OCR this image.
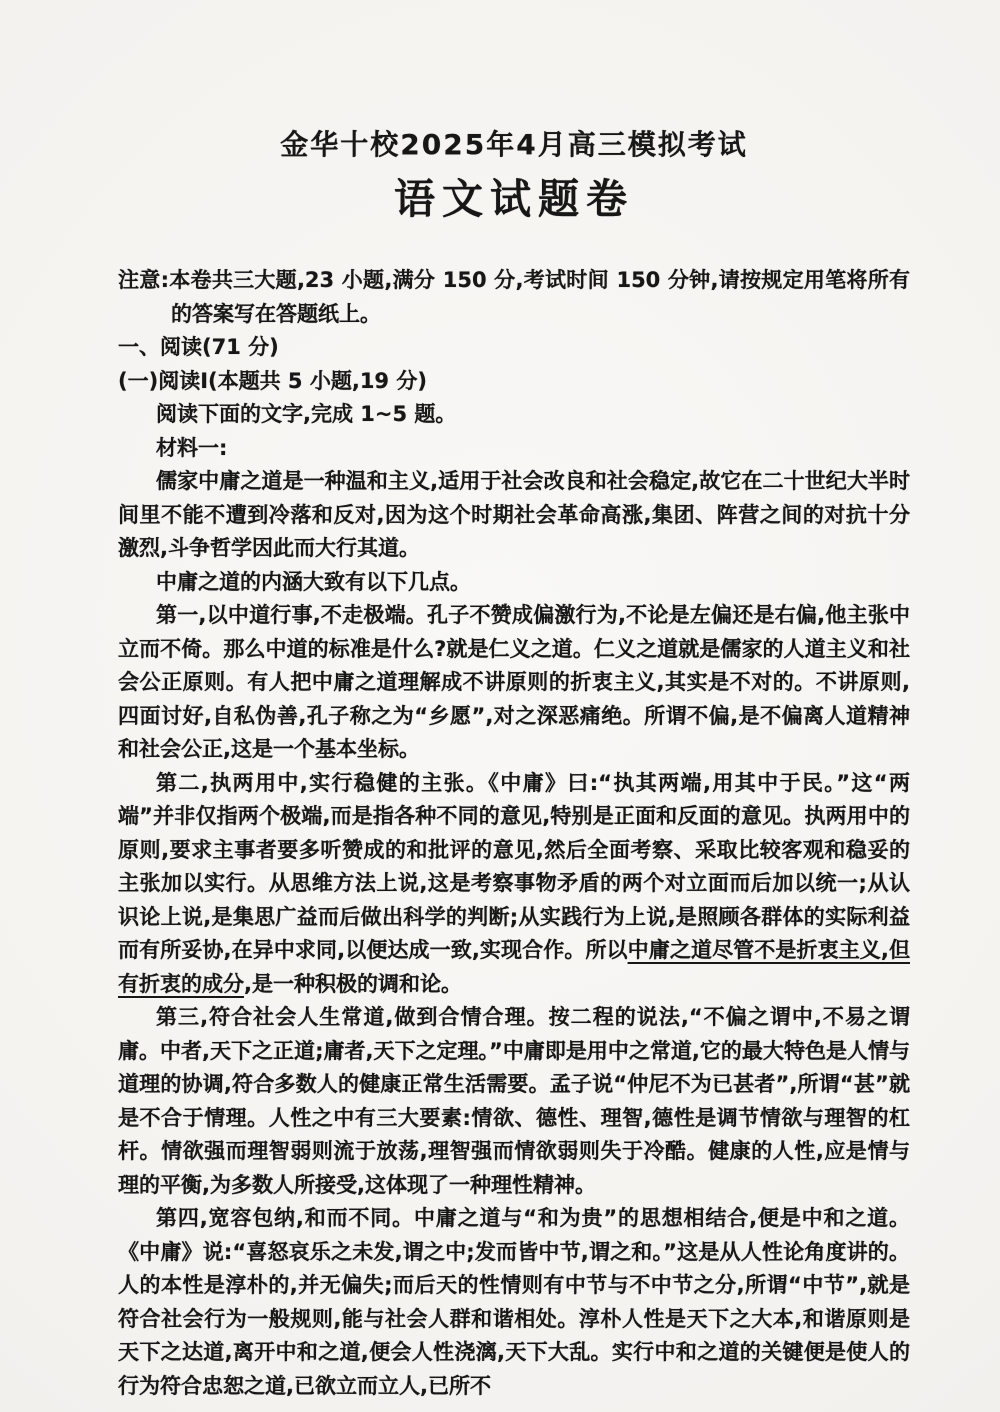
金华十校2025年4月高三模拟考试
语文试题卷
注意:本卷共三大题,23 小题,满分 150 分,考试时间 150 分钟,请按规定用笔将所有的答案写在答题纸上。
一、阅读(71 分)
(一)阅读Ⅰ(本题共 5 小题,19 分)
阅读下面的文字,完成 1~5 题。
材料一:
儒家中庸之道是一种温和主义,适用于社会改良和社会稳定,故它在二十世纪大半时间里不能不遭到冷落和反对,因为这个时期社会革命高涨,集团、阵营之间的对抗十分激烈,斗争哲学因此而大行其道。
中庸之道的内涵大致有以下几点。
第一,以中道行事,不走极端。孔子不赞成偏激行为,不论是左偏还是右偏,他主张中立而不倚。那么中道的标准是什么?就是仁义之道。仁义之道就是儒家的人道主义和社会公正原则。有人把中庸之道理解成不讲原则的折衷主义,其实是不对的。不讲原则,四面讨好,自私伪善,孔子称之为“乡愿”,对之深恶痛绝。所谓不偏,是不偏离人道精神和社会公正,这是一个基本坐标。
第二,执两用中,实行稳健的主张。《中庸》曰:“执其两端,用其中于民。”这“两端”并非仅指两个极端,而是指各种不同的意见,特别是正面和反面的意见。执两用中的原则,要求主事者要多听赞成的和批评的意见,然后全面考察、采取比较客观和稳妥的主张加以实行。从思维方法上说,这是考察事物矛盾的两个对立面而后加以统一;从认识论上说,是集思广益而后做出科学的判断;从实践行为上说,是照顾各群体的实际利益而有所妥协,在异中求同,以便达成一致,实现合作。所以中庸之道尽管不是折衷主义,但有折衷的成分,是一种积极的调和论。
第三,符合社会人生常道,做到合情合理。按二程的说法,“不偏之谓中,不易之谓庸。中者,天下之正道;庸者,天下之定理。”中庸即是用中之常道,它的最大特色是人情与道理的协调,符合多数人的健康正常生活需要。孟子说“仲尼不为已甚者”,所谓“甚”就是不合于情理。人性之中有三大要素:情欲、德性、理智,德性是调节情欲与理智的杠杆。情欲强而理智弱则流于放荡,理智强而情欲弱则失于冷酷。健康的人性,应是情与理的平衡,为多数人所接受,这体现了一种理性精神。
第四,宽容包纳,和而不同。中庸之道与“和为贵”的思想相结合,便是中和之道。《中庸》说:“喜怒哀乐之未发,谓之中;发而皆中节,谓之和。”这是从人性论角度讲的。人的本性是淳朴的,并无偏失;而后天的性情则有中节与不中节之分,所谓“中节”,就是符合社会行为一般规则,能与社会人群和谐相处。淳朴人性是天下之大本,和谐原则是天下之达道,离开中和之道,便会人性浇漓,天下大乱。实行中和之道的关键便是使人的行为符合忠恕之道,已欲立而立人,已所不
